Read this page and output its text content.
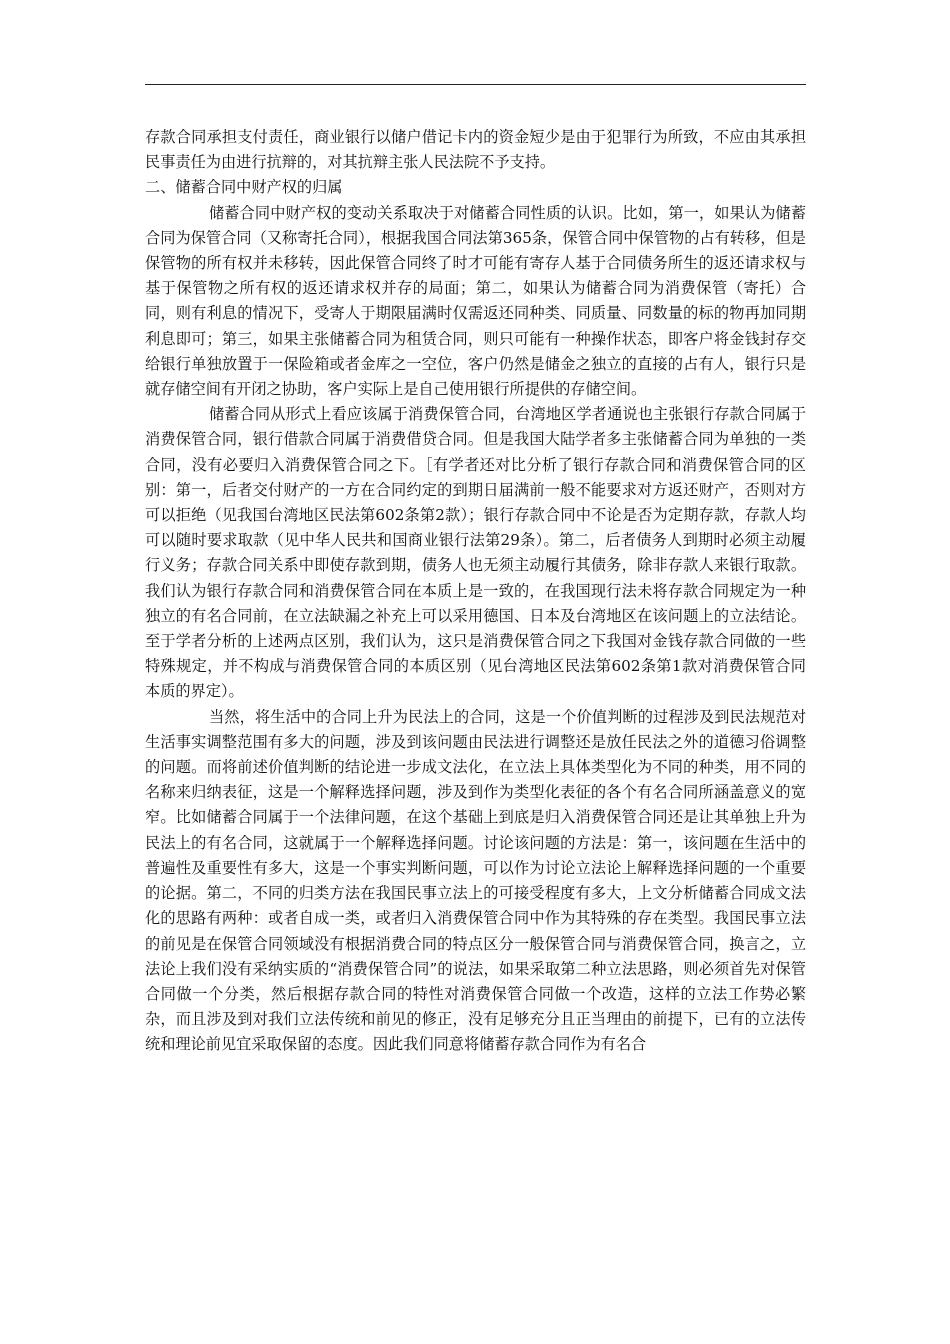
存款合同承担支付责任，商业银行以储户借记卡内的资金短少是由于犯罪行为所致，不应由其承担民事责任为由进行抗辩的，对其抗辩主张人民法院不予支持。

二、储蓄合同中财产权的归属

储蓄合同中财产权的变动关系取决于对储蓄合同性质的认识。比如，第一，如果认为储蓄合同为保管合同（又称寄托合同），根据我国合同法第365条，保管合同中保管物的占有转移，但是保管物的所有权并未移转，因此保管合同终了时才可能有寄存人基于合同债务所生的返还请求权与基于保管物之所有权的返还请求权并存的局面；第二，如果认为储蓄合同为消费保管（寄托）合同，则有利息的情况下，受寄人于期限届满时仅需返还同种类、同质量、同数量的标的物再加同期利息即可；第三，如果主张储蓄合同为租赁合同，则只可能有一种操作状态，即客户将金钱封存交给银行单独放置于一保险箱或者金库之一空位，客户仍然是储金之独立的直接的占有人，银行只是就存储空间有开闭之协助，客户实际上是自己使用银行所提供的存储空间。

储蓄合同从形式上看应该属于消费保管合同，台湾地区学者通说也主张银行存款合同属于消费保管合同，银行借款合同属于消费借贷合同。但是我国大陆学者多主张储蓄合同为单独的一类合同，没有必要归入消费保管合同之下。［有学者还对比分析了银行存款合同和消费保管合同的区别：第一，后者交付财产的一方在合同约定的到期日届满前一般不能要求对方返还财产，否则对方可以拒绝（见我国台湾地区民法第602条第2款）；银行存款合同中不论是否为定期存款，存款人均可以随时要求取款（见中华人民共和国商业银行法第29条）。第二，后者债务人到期时必须主动履行义务；存款合同关系中即使存款到期，债务人也无须主动履行其债务，除非存款人来银行取款。我们认为银行存款合同和消费保管合同在本质上是一致的，在我国现行法未将存款合同规定为一种独立的有名合同前，在立法缺漏之补充上可以采用德国、日本及台湾地区在该问题上的立法结论。至于学者分析的上述两点区别，我们认为，这只是消费保管合同之下我国对金钱存款合同做的一些特殊规定，并不构成与消费保管合同的本质区别（见台湾地区民法第602条第1款对消费保管合同本质的界定）。

当然，将生活中的合同上升为民法上的合同，这是一个价值判断的过程涉及到民法规范对生活事实调整范围有多大的问题，涉及到该问题由民法进行调整还是放任民法之外的道德习俗调整的问题。而将前述价值判断的结论进一步成文法化，在立法上具体类型化为不同的种类，用不同的名称来归纳表征，这是一个解释选择问题，涉及到作为类型化表征的各个有名合同所涵盖意义的宽窄。比如储蓄合同属于一个法律问题，在这个基础上到底是归入消费保管合同还是让其单独上升为民法上的有名合同，这就属于一个解释选择问题。讨论该问题的方法是：第一，该问题在生活中的普遍性及重要性有多大，这是一个事实判断问题，可以作为讨论立法论上解释选择问题的一个重要的论据。第二，不同的归类方法在我国民事立法上的可接受程度有多大，上文分析储蓄合同成文法化的思路有两种：或者自成一类，或者归入消费保管合同中作为其特殊的存在类型。我国民事立法的前见是在保管合同领域没有根据消费合同的特点区分一般保管合同与消费保管合同，换言之，立法论上我们没有采纳实质的“消费保管合同”的说法，如果采取第二种立法思路，则必须首先对保管合同做一个分类，然后根据存款合同的特性对消费保管合同做一个改造，这样的立法工作势必繁杂，而且涉及到对我们立法传统和前见的修正，没有足够充分且正当理由的前提下，已有的立法传统和理论前见宜采取保留的态度。因此我们同意将储蓄存款合同作为有名合
